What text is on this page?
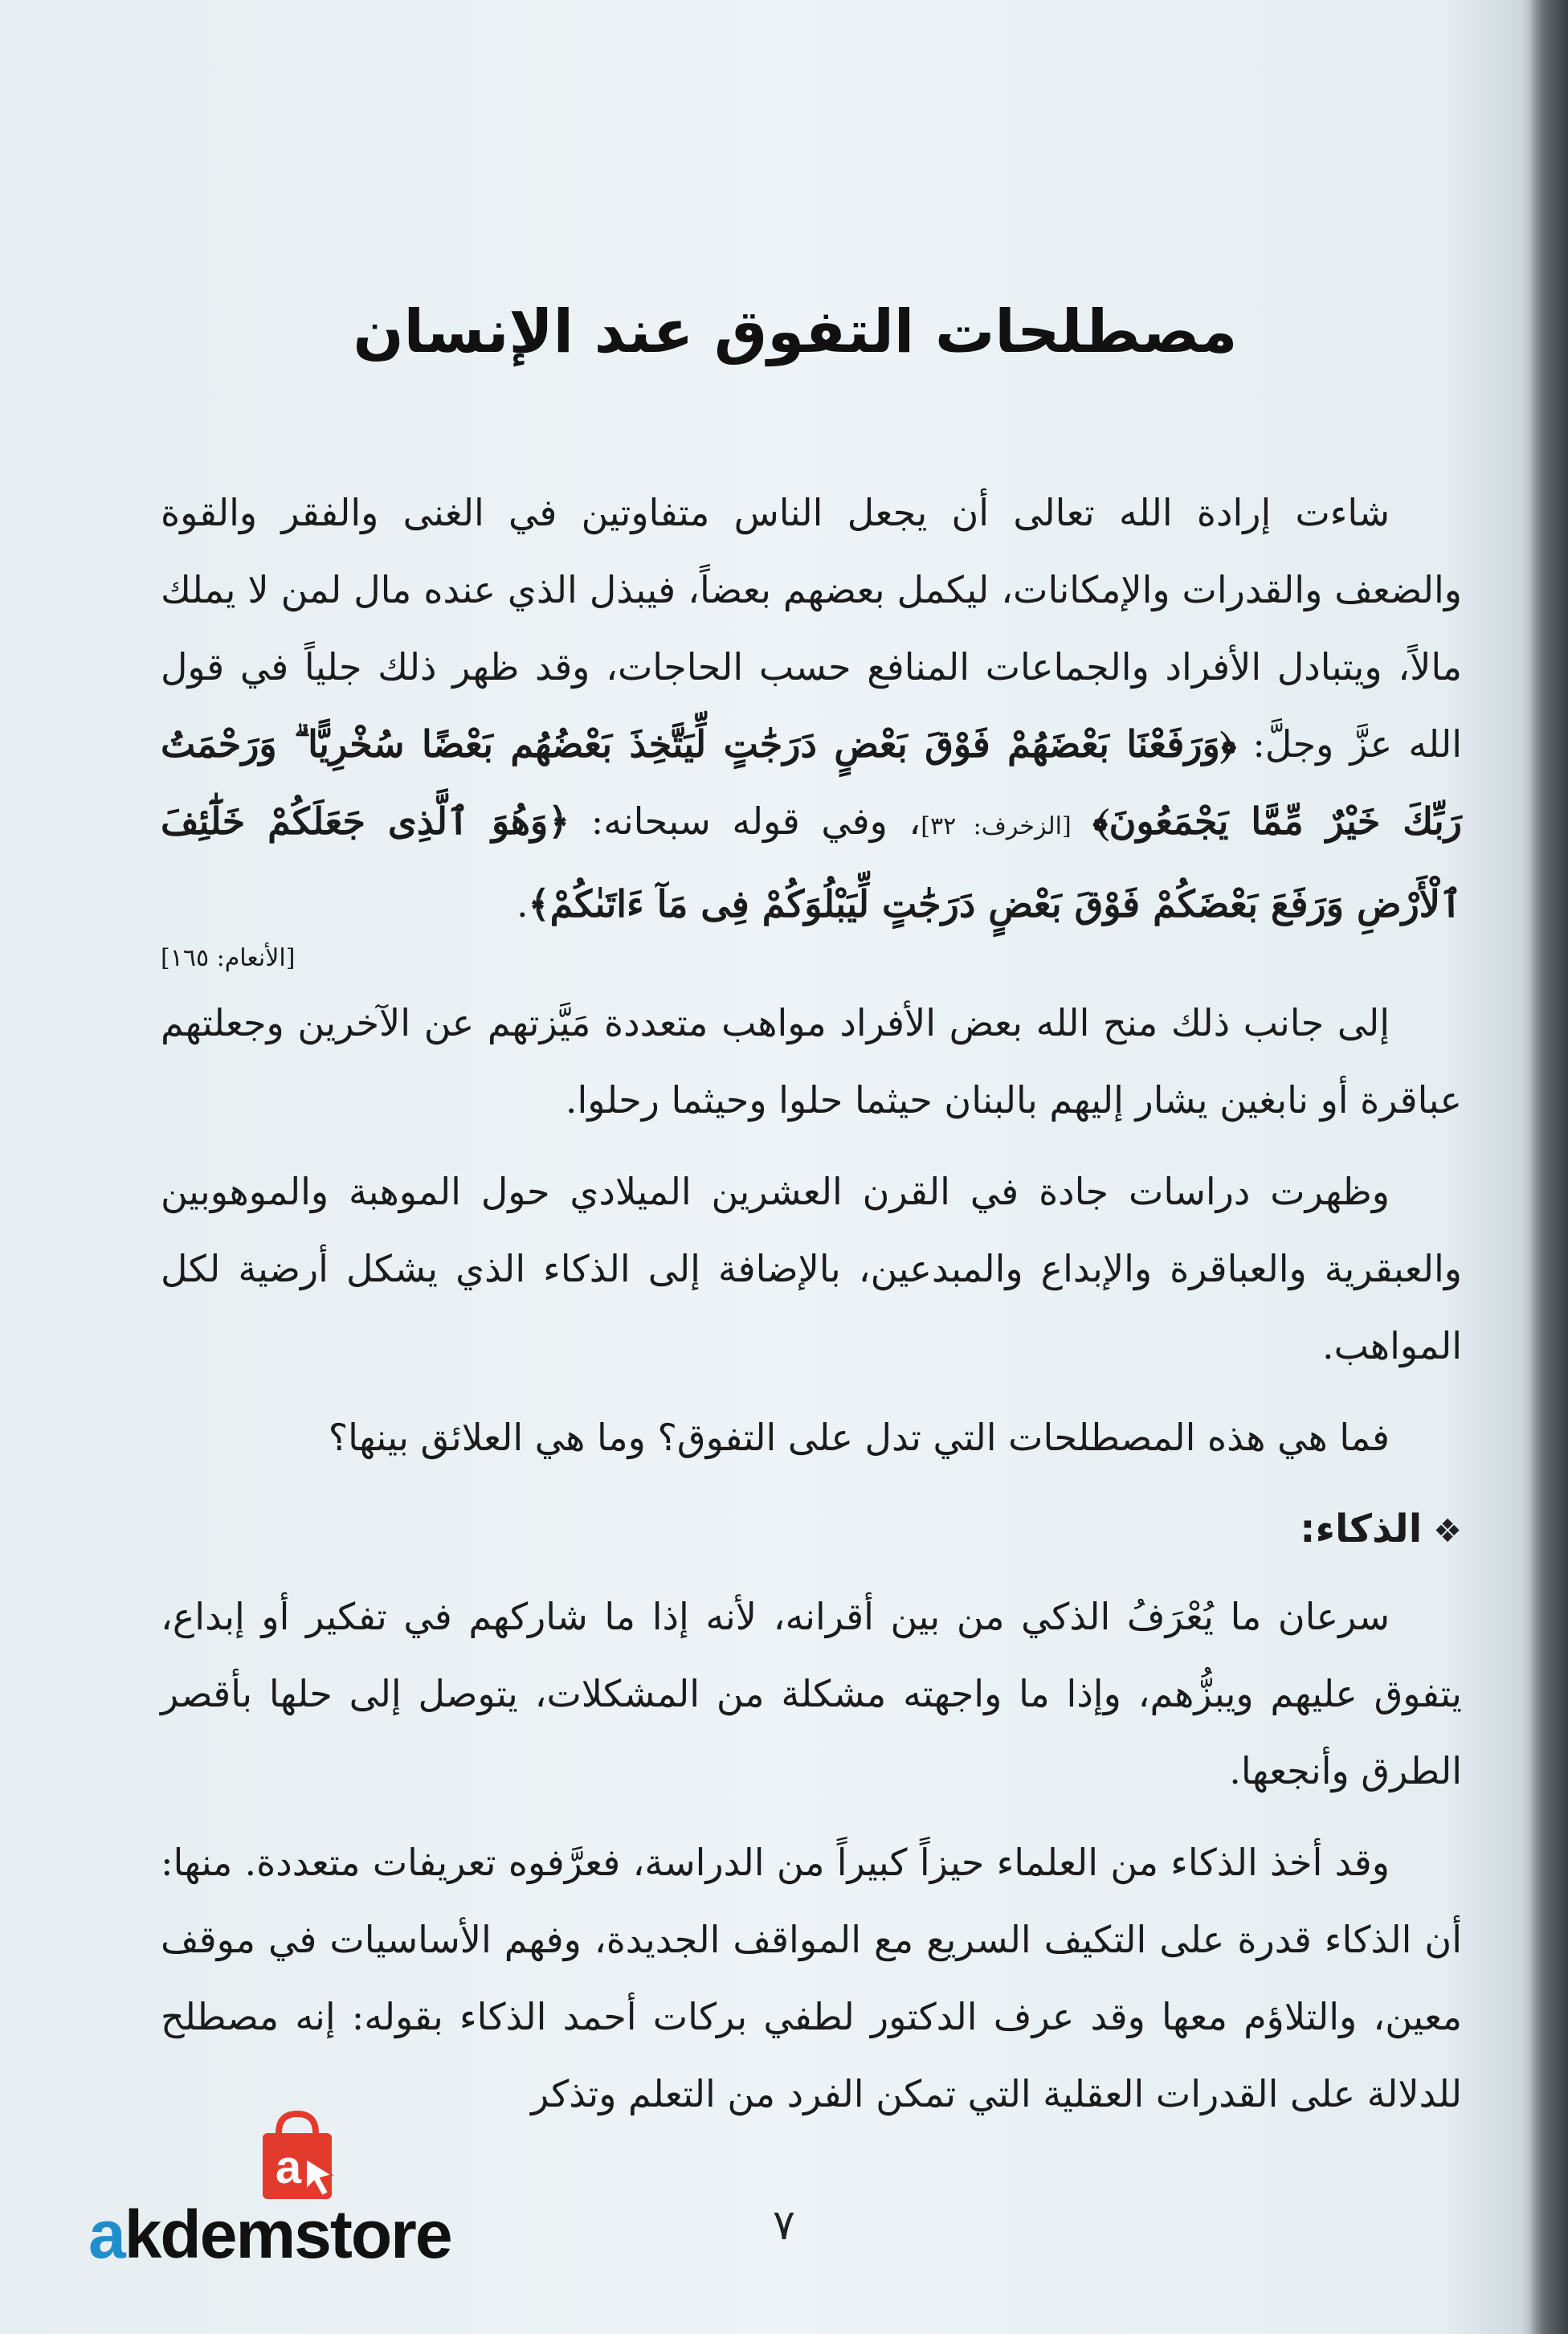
مصطلحات التفوق عند الإنسان

شاءت إرادة الله تعالى أن يجعل الناس متفاوتين في الغنى والفقر والقوة والضعف والقدرات والإمكانات، ليكمل بعضهم بعضاً، فيبذل الذي عنده مال لمن لا يملك مالاً، ويتبادل الأفراد والجماعات المنافع حسب الحاجات، وقد ظهر ذلك جلياً في قول الله عزَّ وجلَّ: ﴿وَرَفَعْنَا بَعْضَهُمْ فَوْقَ بَعْضٍ دَرَجَٰتٍ لِّيَتَّخِذَ بَعْضُهُم بَعْضًا سُخْرِيًّا ۗ وَرَحْمَتُ رَبِّكَ خَيْرٌ مِّمَّا يَجْمَعُونَ﴾ [الزخرف: ٣٢]، وفي قوله سبحانه: ﴿وَهُوَ ٱلَّذِى جَعَلَكُمْ خَلَٰٓئِفَ ٱلْأَرْضِ وَرَفَعَ بَعْضَكُمْ فَوْقَ بَعْضٍ دَرَجَٰتٍ لِّيَبْلُوَكُمْ فِى مَآ ءَاتَىٰكُمْ﴾.

[الأنعام: ١٦٥]

إلى جانب ذلك منح الله بعض الأفراد مواهب متعددة مَيَّزتهم عن الآخرين وجعلتهم عباقرة أو نابغين يشار إليهم بالبنان حيثما حلوا وحيثما رحلوا.

وظهرت دراسات جادة في القرن العشرين الميلادي حول الموهبة والموهوبين والعبقرية والعباقرة والإبداع والمبدعين، بالإضافة إلى الذكاء الذي يشكل أرضية لكل المواهب.

فما هي هذه المصطلحات التي تدل على التفوق؟ وما هي العلائق بينها؟

❖الذكاء:

سرعان ما يُعْرَفُ الذكي من بين أقرانه، لأنه إذا ما شاركهم في تفكير أو إبداع، يتفوق عليهم ويبزُّهم، وإذا ما واجهته مشكلة من المشكلات، يتوصل إلى حلها بأقصر الطرق وأنجعها.

وقد أخذ الذكاء من العلماء حيزاً كبيراً من الدراسة، فعرَّفوه تعريفات متعددة. منها: أن الذكاء قدرة على التكيف السريع مع المواقف الجديدة، وفهم الأساسيات في موقف معين، والتلاؤم معها وقد عرف الدكتور لطفي بركات أحمد الذكاء بقوله: إنه مصطلح للدلالة على القدرات العقلية التي تمكن الفرد من التعلم وتذكر

٧
a
akdemstore
